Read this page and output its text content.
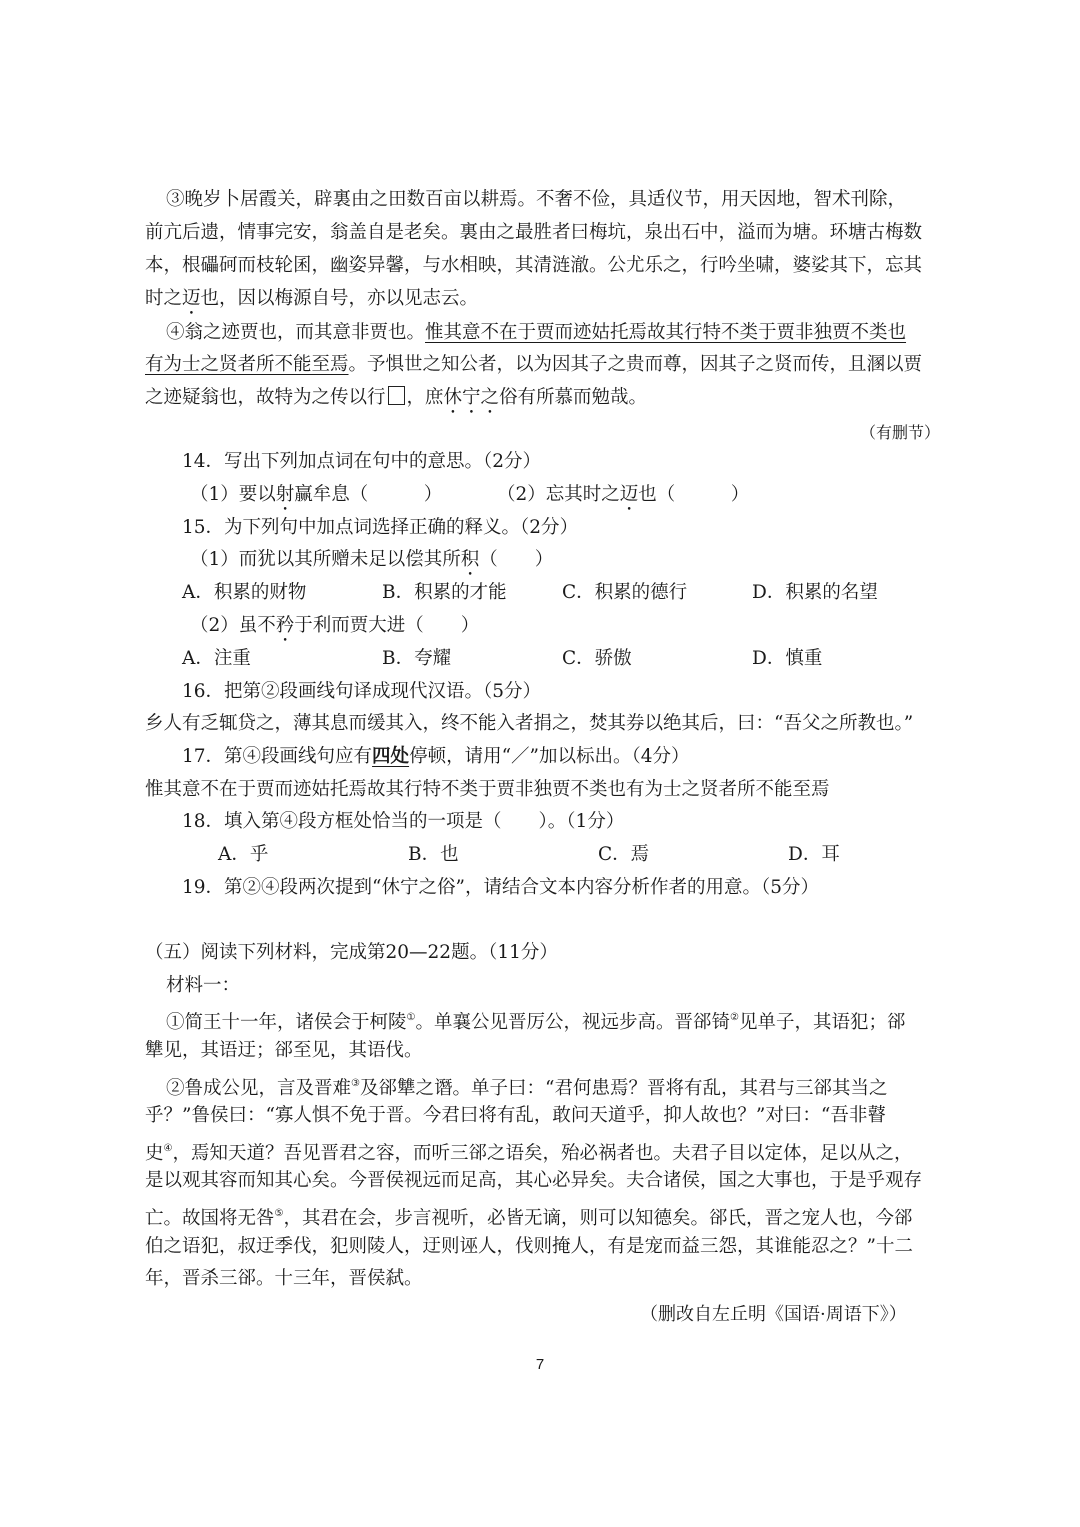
③晚岁卜居霞关，辟裏由之田数百亩以耕焉。不奢不俭，具适仪节，用天因地，智术刊除，
前亢后遗，情事完安，翁盖自是老矣。裏由之最胜者曰梅坑，泉出石中，溢而为塘。环塘古梅数
本，根礧砢而枝轮囷，幽姿异馨，与水相映，其清涟澈。公尤乐之，行吟坐啸，婆娑其下，忘其
时之迈也，因以梅源自号，亦以见志云。
④翁之迹贾也，而其意非贾也。惟其意不在于贾而迹姑托焉故其行特不类于贾非独贾不类也
有为士之贤者所不能至焉。予惧世之知公者，以为因其子之贵而尊，因其子之贤而传，且溷以贾
之迹疑翁也，故特为之传以行 ，庶休宁之俗有所慕而勉哉。
（有删节）
14．写出下列加点词在句中的意思。（2分）
（1）要以射赢牟息（　　　）	（2）忘其时之迈也（　　　）
15．为下列句中加点词选择正确的释义。（2分）
（1）而犹以其所赠未足以偿其所积（　　）
A．积累的财物	B．积累的才能	C．积累的德行	D．积累的名望
（2）虽不矜于利而贾大进（　　）
A．注重	B．夸耀	C．骄傲	D．慎重
16．把第②段画线句译成现代汉语。（5分）
乡人有乏辄贷之，薄其息而缓其入，终不能入者捐之，焚其券以绝其后，曰：“吾父之所教也。”
17．第④段画线句应有四处停顿，请用“／”加以标出。（4分）
惟其意不在于贾而迹姑托焉故其行特不类于贾非独贾不类也有为士之贤者所不能至焉
18．填入第④段方框处恰当的一项是（　　）。（1分）
A．乎	B．也	C．焉	D．耳
19．第②④段两次提到“休宁之俗”，请结合文本内容分析作者的用意。（5分）
（五）阅读下列材料，完成第20—22题。（11分）
材料一：
①简王十一年，诸侯会于柯陵①。单襄公见晋厉公，视远步高。晋郤锜②见单子，其语犯；郤
犨见，其语迂；郤至见，其语伐。
②鲁成公见，言及晋难③及郤犨之谮。单子曰：“君何患焉？晋将有乱，其君与三郤其当之
乎？”鲁侯曰：“寡人惧不免于晋。今君曰将有乱，敢问天道乎，抑人故也？”对曰：“吾非瞽
史④，焉知天道？吾见晋君之容，而听三郤之语矣，殆必祸者也。夫君子目以定体，足以从之，
是以观其容而知其心矣。今晋侯视远而足高，其心必异矣。夫合诸侯，国之大事也，于是乎观存
亡。故国将无咎⑤，其君在会，步言视听，必皆无谪，则可以知德矣。郤氏，晋之宠人也，今郤
伯之语犯，叔迂季伐，犯则陵人，迂则诬人，伐则掩人，有是宠而益三怨，其谁能忍之？”十二
年，晋杀三郤。十三年，晋侯弑。
（删改自左丘明《国语·周语下》）
7
